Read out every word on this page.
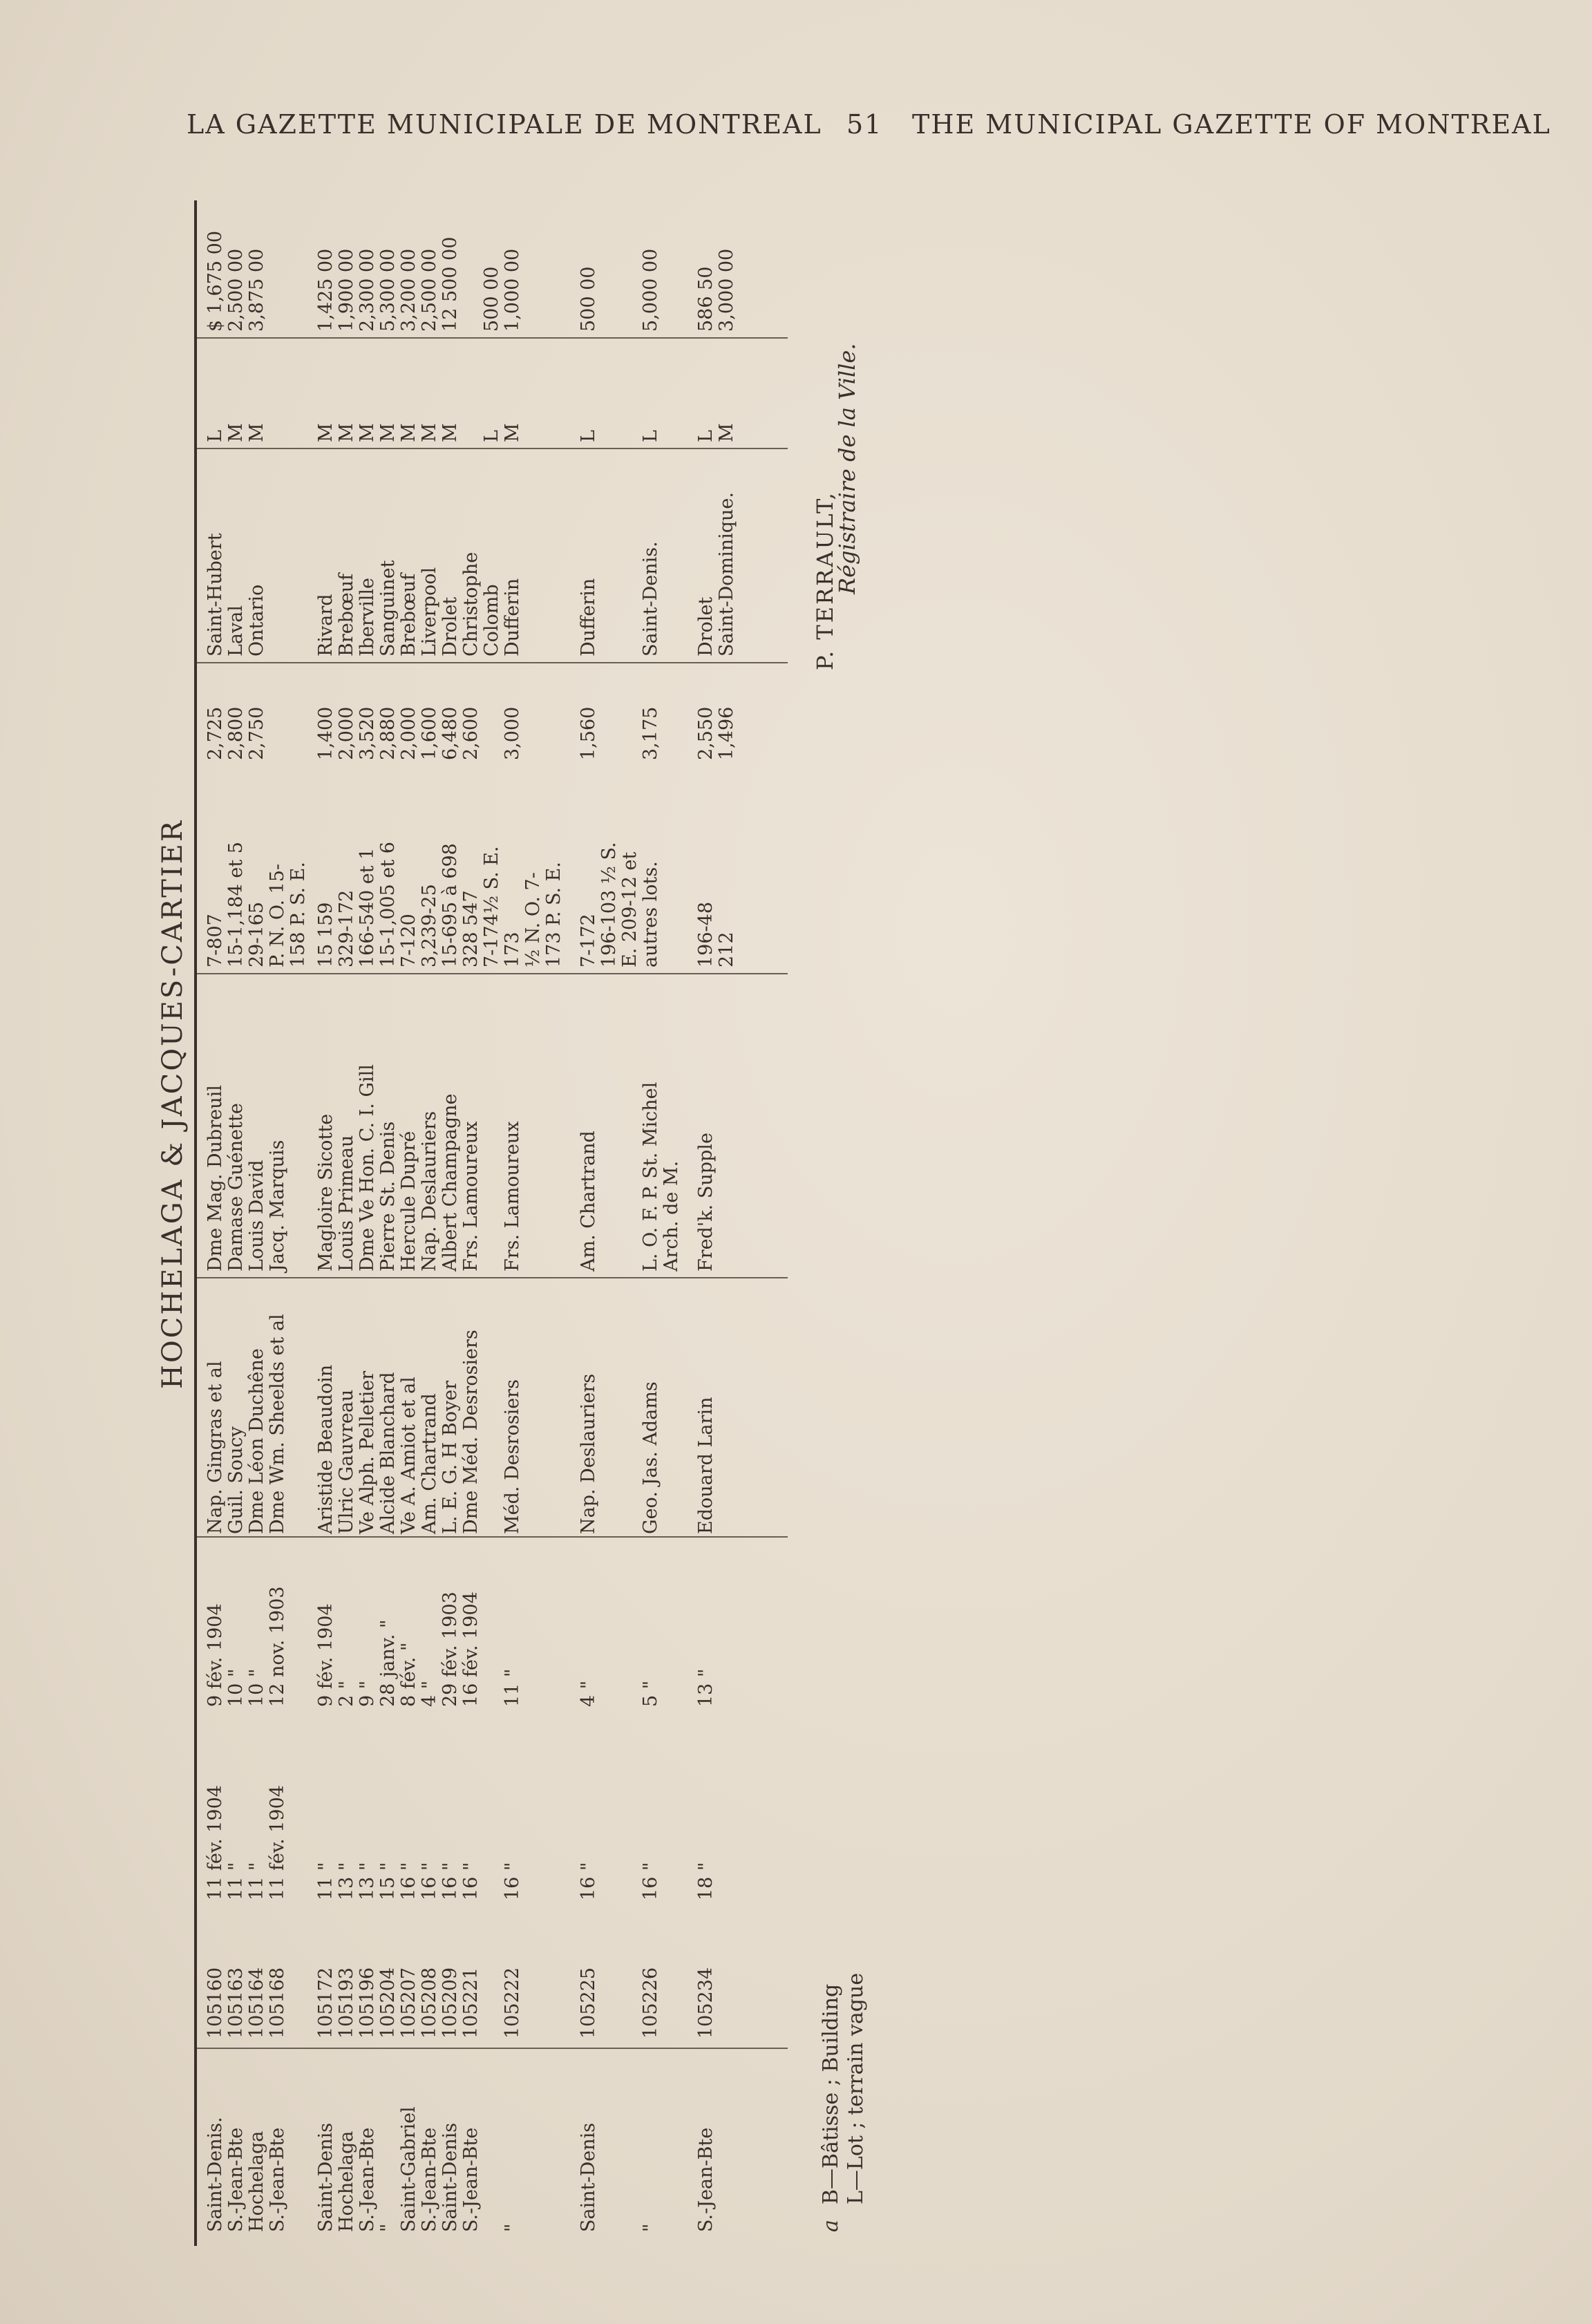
LA GAZETTE MUNICIPALE DE MONTREAL 51 THE MUNICIPAL GAZETTE OF MONTREAL
HOCHELAGA & JACQUES-CARTIER
Saint-Denis.
105160
11 fév. 1904
9 fév. 1904
Nap. Gingras et al
Dme Mag. Dubreuil
7-807
2,725
Saint-Hubert
L
$ 1,675 00
S.-Jean-Bte
105163
11 "
10 "
Guil. Soucy
Damase Guénette
15-1,184 et 5
2,800
Laval
M
2,500 00
Hochelaga
105164
11 "
10 "
Dme Léon Duchêne
Louis David
29-165
2,750
Ontario
M
3,875 00
S.-Jean-Bte
105168
11 fév. 1904
12 nov. 1903
Dme Wm. Sheelds et al
Jacq. Marquis
P. N. O. 15- 158 P. S. E.
Saint-Denis
105172
11 "
9 fév. 1904
Aristide Beaudoin
Magloire Sicotte
15 159
1,400
Rivard
M
1,425 00
Hochelaga
105193
13 "
2 "
Ulric Gauvreau
Louis Primeau
329-172
2,000
Brebœuf
M
1,900 00
S.-Jean-Bte
105196
13 "
9 "
Ve Alph. Pelletier
Dme Ve Hon. C. I. Gill
166-540 et 1
3,520
Iberville
M
2,300 00
"
105204
15 "
28 janv. "
Alcide Blanchard
Pierre St. Denis
15-1,005 et 6
2,880
Sanguinet
M
5,300 00
Saint-Gabriel
105207
16 "
8 fév. "
Ve A. Amiot et al
Hercule Dupré
7-120
2,000
Brebœuf
M
3,200 00
S.-Jean-Bte
105208
16 "
4 "
Am. Chartrand
Nap. Deslauriers
3,239-25
1,600
Liverpool
M
2,500 00
Saint-Denis
105209
16 "
29 fév. 1903
L. E. G. H Boyer
Albert Champagne
15-695 à 698
6,480
Drolet
M
12 500 00
S.-Jean-Bte
105221
16 "
16 fév. 1904
Dme Méd. Desrosiers
Frs. Lamoureux
328 547
2,600
Christophe
7-174½ S. E.
Colomb
L
500 00
"
105222
16 "
11 "
Méd. Desrosiers
Frs. Lamoureux
173
3,000
Dufferin
M
1,000 00
½ N. O. 7- 173 P. S. E.
Saint-Denis
105225
16 "
4 "
Nap. Deslauriers
Am. Chartrand
7-172
1,560
Dufferin
L
500 00
196-103 ½ S. E. 209-12 et
"
105226
16 "
5 "
Geo. Jas. Adams
L. O. F. P. St. Michel
autres lots.
3,175
Saint-Denis.
L
5,000 00
Arch. de M.
S.-Jean-Bte
105234
18 "
13 "
Edouard Larin
Fred'k. Supple
196-48
2,550
Drolet
L
586 50
212
1,496
Saint-Dominique.
M
3,000 00
a
B—Bâtisse ; Building L—Lot ; terrain vague
P. TERRAULT,
Régistraire de la Ville.
